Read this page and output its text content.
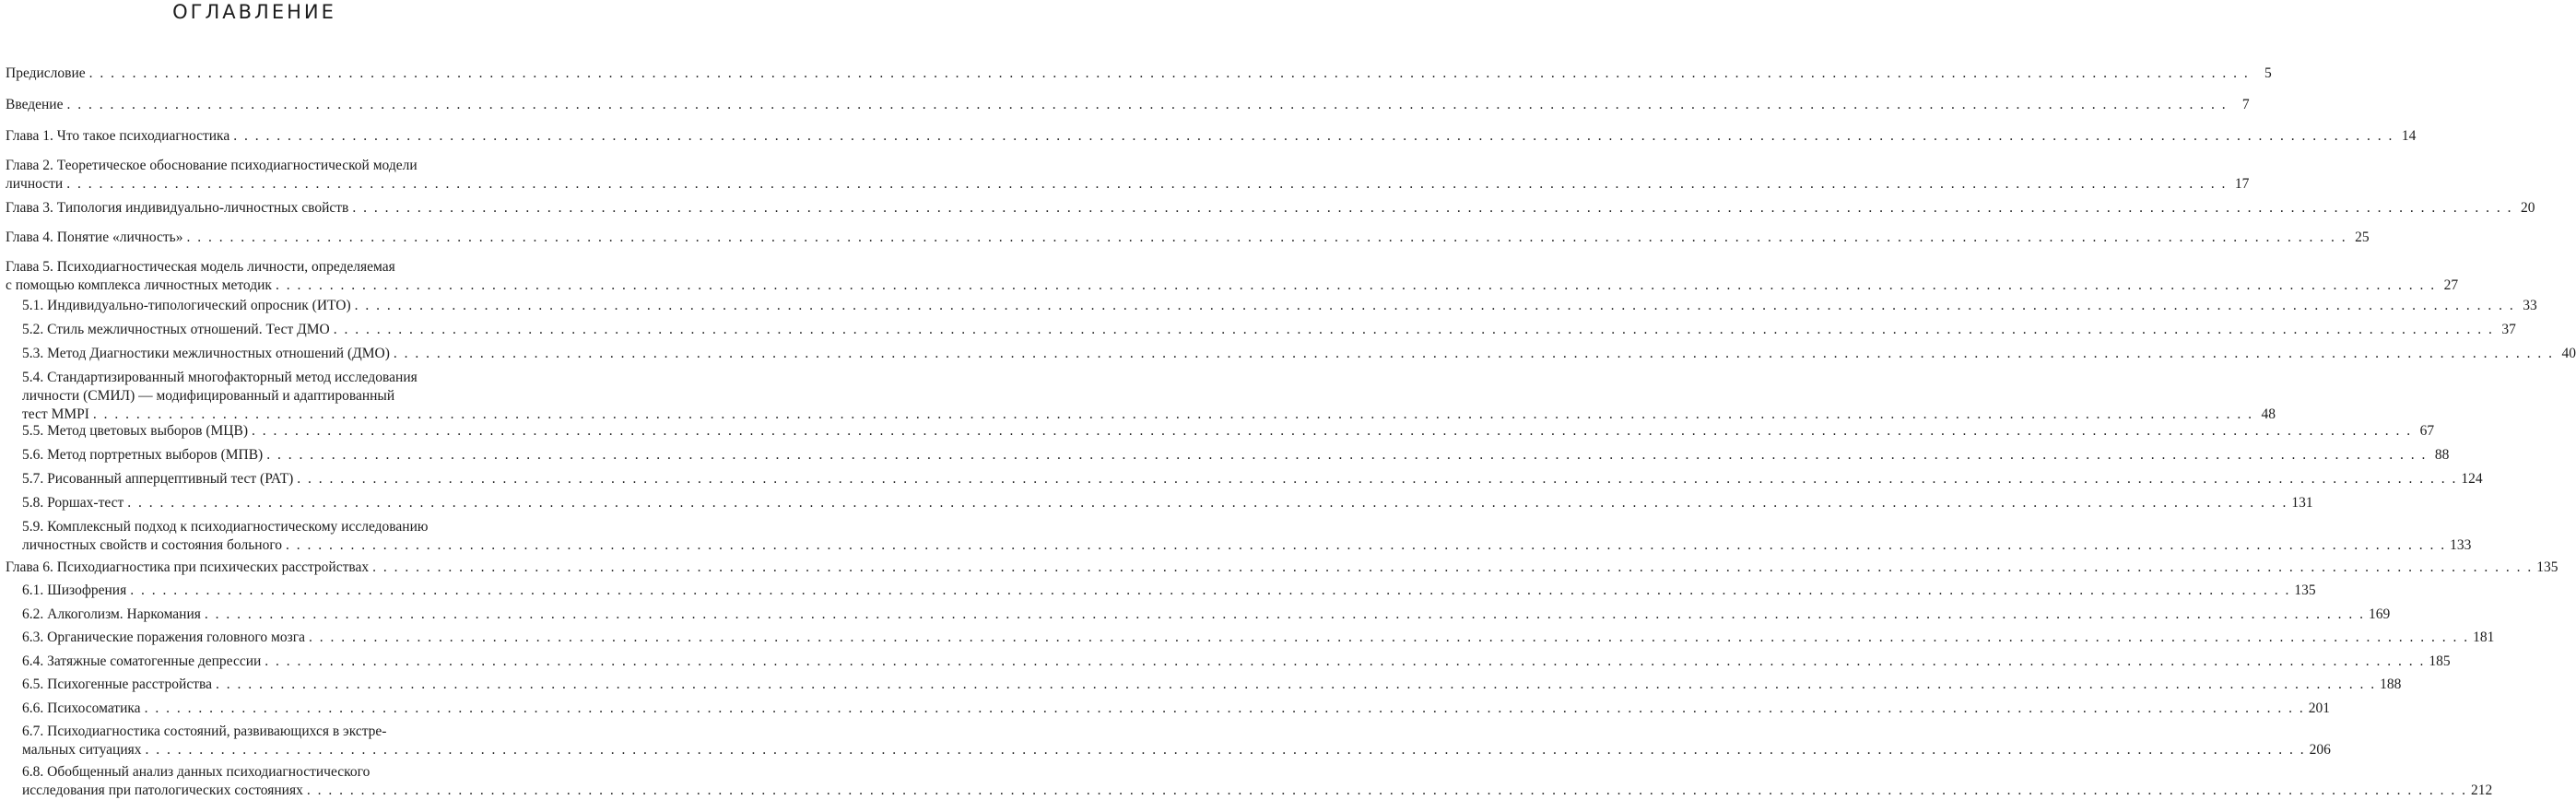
ОГЛАВЛЕНИЕ
Предисловие . . . . . . . . . . . . . . . . . . . . . . . . . . . . . . . . . . . . . . . . . . . . . . . . . . . . . . . . . . . . . . . . . . . . . . . . . . . . . . . . . . . . . . . . . . . . . . . . . . . . . . . . . . . . . . . . . . . . . . . . . . . . . . . . . . . . . . . . . . . . . . . . . . . . . . . . . . . . . . . . . . . . . . . . . . . . . . . . . . . . . . . . . . . . . . . . . . . . . . . .	5
Введение . . . . . . . . . . . . . . . . . . . . . . . . . . . . . . . . . . . . . . . . . . . . . . . . . . . . . . . . . . . . . . . . . . . . . . . . . . . . . . . . . . . . . . . . . . . . . . . . . . . . . . . . . . . . . . . . . . . . . . . . . . . . . . . . . . . . . . . . . . . . . . . . . . . . . . . . . . . . . . . . . . . . . . . . . . . . . . . . . . . . . . . . . . . . . . . . . . . . . . . .	7
Глава 1. Что такое психодиагностика . . . . . . . . . . . . . . . . . . . . . . . . . . . . . . . . . . . . . . . . . . . . . . . . . . . . . . . . . . . . . . . . . . . . . . . . . . . . . . . . . . . . . . . . . . . . . . . . . . . . . . . . . . . . . . . . . . . . . . . . . . . . . . . . . . . . . . . . . . . . . . . . . . . . . . . . . . . . . . . . . . . . . . . . . . . . . . . . . . . . . . . . . . . . . . . . . . . . . . . . 14
Глава 2. Теоретическое обоснование психодиагностической модели
личности . . . . . . . . . . . . . . . . . . . . . . . . . . . . . . . . . . . . . . . . . . . . . . . . . . . . . . . . . . . . . . . . . . . . . . . . . . . . . . . . . . . . . . . . . . . . . . . . . . . . . . . . . . . . . . . . . . . . . . . . . . . . . . . . . . . . . . . . . . . . . . . . . . . . . . . . . . . . . . . . . . . . . . . . . . . . . . . . . . . . . . . . . . . . . . . . . . . . . . . . 17
Глава 3. Типология индивидуально-личностных свойств . . . . . . . . . . . . . . . . . . . . . . . . . . . . . . . . . . . . . . . . . . . . . . . . . . . . . . . . . . . . . . . . . . . . . . . . . . . . . . . . . . . . . . . . . . . . . . . . . . . . . . . . . . . . . . . . . . . . . . . . . . . . . . . . . . . . . . . . . . . . . . . . . . . . . . . . . . . . . . . . . . . . . . . . . . . . . . . . . . . . . . . . . . . . . . . . . . . . . . . . 20
Глава 4. Понятие «личность» . . . . . . . . . . . . . . . . . . . . . . . . . . . . . . . . . . . . . . . . . . . . . . . . . . . . . . . . . . . . . . . . . . . . . . . . . . . . . . . . . . . . . . . . . . . . . . . . . . . . . . . . . . . . . . . . . . . . . . . . . . . . . . . . . . . . . . . . . . . . . . . . . . . . . . . . . . . . . . . . . . . . . . . . . . . . . . . . . . . . . . . . . . . . . . . . . . . . . . . . 25
Глава 5. Психодиагностическая модель личности, определяемая
с помощью комплекса личностных методик . . . . . . . . . . . . . . . . . . . . . . . . . . . . . . . . . . . . . . . . . . . . . . . . . . . . . . . . . . . . . . . . . . . . . . . . . . . . . . . . . . . . . . . . . . . . . . . . . . . . . . . . . . . . . . . . . . . . . . . . . . . . . . . . . . . . . . . . . . . . . . . . . . . . . . . . . . . . . . . . . . . . . . . . . . . . . . . . . . . . . . . . . . . . . . . . . . . . . . . . 27
5.1. Индивидуально-типологический опросник (ИТО) . . . . . . . . . . . . . . . . . . . . . . . . . . . . . . . . . . . . . . . . . . . . . . . . . . . . . . . . . . . . . . . . . . . . . . . . . . . . . . . . . . . . . . . . . . . . . . . . . . . . . . . . . . . . . . . . . . . . . . . . . . . . . . . . . . . . . . . . . . . . . . . . . . . . . . . . . . . . . . . . . . . . . . . . . . . . . . . . . . . . . . . . . . . . . . . . . . . . . . . . 33
5.2. Стиль межличностных отношений. Тест ДМО . . . . . . . . . . . . . . . . . . . . . . . . . . . . . . . . . . . . . . . . . . . . . . . . . . . . . . . . . . . . . . . . . . . . . . . . . . . . . . . . . . . . . . . . . . . . . . . . . . . . . . . . . . . . . . . . . . . . . . . . . . . . . . . . . . . . . . . . . . . . . . . . . . . . . . . . . . . . . . . . . . . . . . . . . . . . . . . . . . . . . . . . . . . . . . . . . . . . . . . . 37
5.3. Метод Диагностики межличностных отношений (ДМО) . . . . . . . . . . . . . . . . . . . . . . . . . . . . . . . . . . . . . . . . . . . . . . . . . . . . . . . . . . . . . . . . . . . . . . . . . . . . . . . . . . . . . . . . . . . . . . . . . . . . . . . . . . . . . . . . . . . . . . . . . . . . . . . . . . . . . . . . . . . . . . . . . . . . . . . . . . . . . . . . . . . . . . . . . . . . . . . . . . . . . . . . . . . . . . . . . . . . . . . . 40
5.4. Стандартизированный многофакторный метод исследования
личности (СМИЛ) — модифицированный и адаптированный
тест MMPI . . . . . . . . . . . . . . . . . . . . . . . . . . . . . . . . . . . . . . . . . . . . . . . . . . . . . . . . . . . . . . . . . . . . . . . . . . . . . . . . . . . . . . . . . . . . . . . . . . . . . . . . . . . . . . . . . . . . . . . . . . . . . . . . . . . . . . . . . . . . . . . . . . . . . . . . . . . . . . . . . . . . . . . . . . . . . . . . . . . . . . . . . . . . . . . . . . . . . . . . 48
5.5. Метод цветовых выборов (МЦВ) . . . . . . . . . . . . . . . . . . . . . . . . . . . . . . . . . . . . . . . . . . . . . . . . . . . . . . . . . . . . . . . . . . . . . . . . . . . . . . . . . . . . . . . . . . . . . . . . . . . . . . . . . . . . . . . . . . . . . . . . . . . . . . . . . . . . . . . . . . . . . . . . . . . . . . . . . . . . . . . . . . . . . . . . . . . . . . . . . . . . . . . . . . . . . . . . . . . . . . . . 67
5.6. Метод портретных выборов (МПВ) . . . . . . . . . . . . . . . . . . . . . . . . . . . . . . . . . . . . . . . . . . . . . . . . . . . . . . . . . . . . . . . . . . . . . . . . . . . . . . . . . . . . . . . . . . . . . . . . . . . . . . . . . . . . . . . . . . . . . . . . . . . . . . . . . . . . . . . . . . . . . . . . . . . . . . . . . . . . . . . . . . . . . . . . . . . . . . . . . . . . . . . . . . . . . . . . . . . . . . . . 88
5.7. Рисованный апперцептивный тест (РАТ) . . . . . . . . . . . . . . . . . . . . . . . . . . . . . . . . . . . . . . . . . . . . . . . . . . . . . . . . . . . . . . . . . . . . . . . . . . . . . . . . . . . . . . . . . . . . . . . . . . . . . . . . . . . . . . . . . . . . . . . . . . . . . . . . . . . . . . . . . . . . . . . . . . . . . . . . . . . . . . . . . . . . . . . . . . . . . . . . . . . . . . . . . . . . . . . . . . . . . . . . 124
5.8. Роршах-тест . . . . . . . . . . . . . . . . . . . . . . . . . . . . . . . . . . . . . . . . . . . . . . . . . . . . . . . . . . . . . . . . . . . . . . . . . . . . . . . . . . . . . . . . . . . . . . . . . . . . . . . . . . . . . . . . . . . . . . . . . . . . . . . . . . . . . . . . . . . . . . . . . . . . . . . . . . . . . . . . . . . . . . . . . . . . . . . . . . . . . . . . . . . . . . . . . . . . . . . . 131
5.9. Комплексный подход к психодиагностическому исследованию
личностных свойств и состояния больного . . . . . . . . . . . . . . . . . . . . . . . . . . . . . . . . . . . . . . . . . . . . . . . . . . . . . . . . . . . . . . . . . . . . . . . . . . . . . . . . . . . . . . . . . . . . . . . . . . . . . . . . . . . . . . . . . . . . . . . . . . . . . . . . . . . . . . . . . . . . . . . . . . . . . . . . . . . . . . . . . . . . . . . . . . . . . . . . . . . . . . . . . . . . . . . . . . . . . . . . 133
Глава 6. Психодиагностика при психических расстройствах . . . . . . . . . . . . . . . . . . . . . . . . . . . . . . . . . . . . . . . . . . . . . . . . . . . . . . . . . . . . . . . . . . . . . . . . . . . . . . . . . . . . . . . . . . . . . . . . . . . . . . . . . . . . . . . . . . . . . . . . . . . . . . . . . . . . . . . . . . . . . . . . . . . . . . . . . . . . . . . . . . . . . . . . . . . . . . . . . . . . . . . . . . . . . . . . . . . . . . . . 135
6.1. Шизофрения . . . . . . . . . . . . . . . . . . . . . . . . . . . . . . . . . . . . . . . . . . . . . . . . . . . . . . . . . . . . . . . . . . . . . . . . . . . . . . . . . . . . . . . . . . . . . . . . . . . . . . . . . . . . . . . . . . . . . . . . . . . . . . . . . . . . . . . . . . . . . . . . . . . . . . . . . . . . . . . . . . . . . . . . . . . . . . . . . . . . . . . . . . . . . . . . . . . . . . . . 135
6.2. Алкоголизм. Наркомания . . . . . . . . . . . . . . . . . . . . . . . . . . . . . . . . . . . . . . . . . . . . . . . . . . . . . . . . . . . . . . . . . . . . . . . . . . . . . . . . . . . . . . . . . . . . . . . . . . . . . . . . . . . . . . . . . . . . . . . . . . . . . . . . . . . . . . . . . . . . . . . . . . . . . . . . . . . . . . . . . . . . . . . . . . . . . . . . . . . . . . . . . . . . . . . . . . . . . . . . 169
6.3. Органические поражения головного мозга . . . . . . . . . . . . . . . . . . . . . . . . . . . . . . . . . . . . . . . . . . . . . . . . . . . . . . . . . . . . . . . . . . . . . . . . . . . . . . . . . . . . . . . . . . . . . . . . . . . . . . . . . . . . . . . . . . . . . . . . . . . . . . . . . . . . . . . . . . . . . . . . . . . . . . . . . . . . . . . . . . . . . . . . . . . . . . . . . . . . . . . . . . . . . . . . . . . . . . . . 181
6.4. Затяжные соматогенные депрессии . . . . . . . . . . . . . . . . . . . . . . . . . . . . . . . . . . . . . . . . . . . . . . . . . . . . . . . . . . . . . . . . . . . . . . . . . . . . . . . . . . . . . . . . . . . . . . . . . . . . . . . . . . . . . . . . . . . . . . . . . . . . . . . . . . . . . . . . . . . . . . . . . . . . . . . . . . . . . . . . . . . . . . . . . . . . . . . . . . . . . . . . . . . . . . . . . . . . . . . . 185
6.5. Психогенные расстройства . . . . . . . . . . . . . . . . . . . . . . . . . . . . . . . . . . . . . . . . . . . . . . . . . . . . . . . . . . . . . . . . . . . . . . . . . . . . . . . . . . . . . . . . . . . . . . . . . . . . . . . . . . . . . . . . . . . . . . . . . . . . . . . . . . . . . . . . . . . . . . . . . . . . . . . . . . . . . . . . . . . . . . . . . . . . . . . . . . . . . . . . . . . . . . . . . . . . . . . . 188
6.6. Психосоматика . . . . . . . . . . . . . . . . . . . . . . . . . . . . . . . . . . . . . . . . . . . . . . . . . . . . . . . . . . . . . . . . . . . . . . . . . . . . . . . . . . . . . . . . . . . . . . . . . . . . . . . . . . . . . . . . . . . . . . . . . . . . . . . . . . . . . . . . . . . . . . . . . . . . . . . . . . . . . . . . . . . . . . . . . . . . . . . . . . . . . . . . . . . . . . . . . . . . . . . . 201
6.7. Психодиагностика состояний, развивающихся в экстре-
мальных ситуациях . . . . . . . . . . . . . . . . . . . . . . . . . . . . . . . . . . . . . . . . . . . . . . . . . . . . . . . . . . . . . . . . . . . . . . . . . . . . . . . . . . . . . . . . . . . . . . . . . . . . . . . . . . . . . . . . . . . . . . . . . . . . . . . . . . . . . . . . . . . . . . . . . . . . . . . . . . . . . . . . . . . . . . . . . . . . . . . . . . . . . . . . . . . . . . . . . . . . . . . . 206
6.8. Обобщенный анализ данных психодиагностического
исследования при патологических состояниях . . . . . . . . . . . . . . . . . . . . . . . . . . . . . . . . . . . . . . . . . . . . . . . . . . . . . . . . . . . . . . . . . . . . . . . . . . . . . . . . . . . . . . . . . . . . . . . . . . . . . . . . . . . . . . . . . . . . . . . . . . . . . . . . . . . . . . . . . . . . . . . . . . . . . . . . . . . . . . . . . . . . . . . . . . . . . . . . . . . . . . . . . . . . . . . . . . . . . . . . 212
